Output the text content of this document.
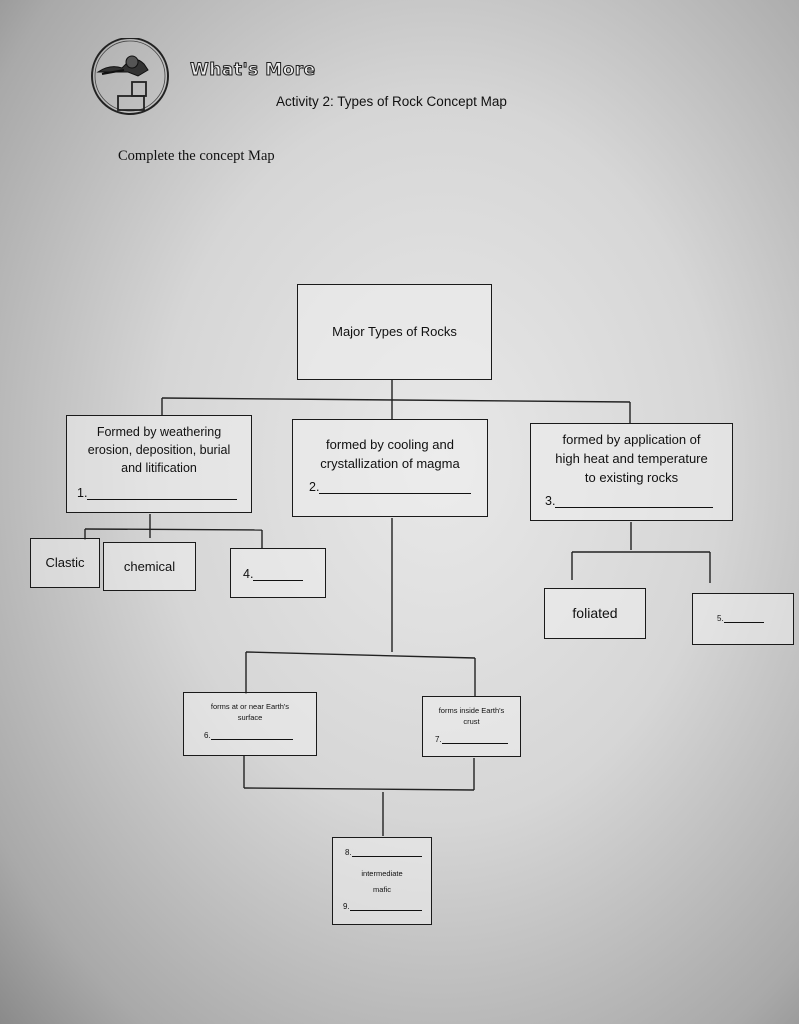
What's More
Activity 2: Types of Rock Concept Map
Complete the concept Map
Major Types of Rocks
Formed by weathering
erosion, deposition, burial
and litification
1.
formed by cooling and
crystallization of magma
2.
formed by application of
high heat and temperature
to existing rocks
3.
Clastic	chemical	4.
foliated	5.
forms at or near Earth's
surface
6.
forms inside Earth's
crust
7.
8.
intermediate
mafic
9.
